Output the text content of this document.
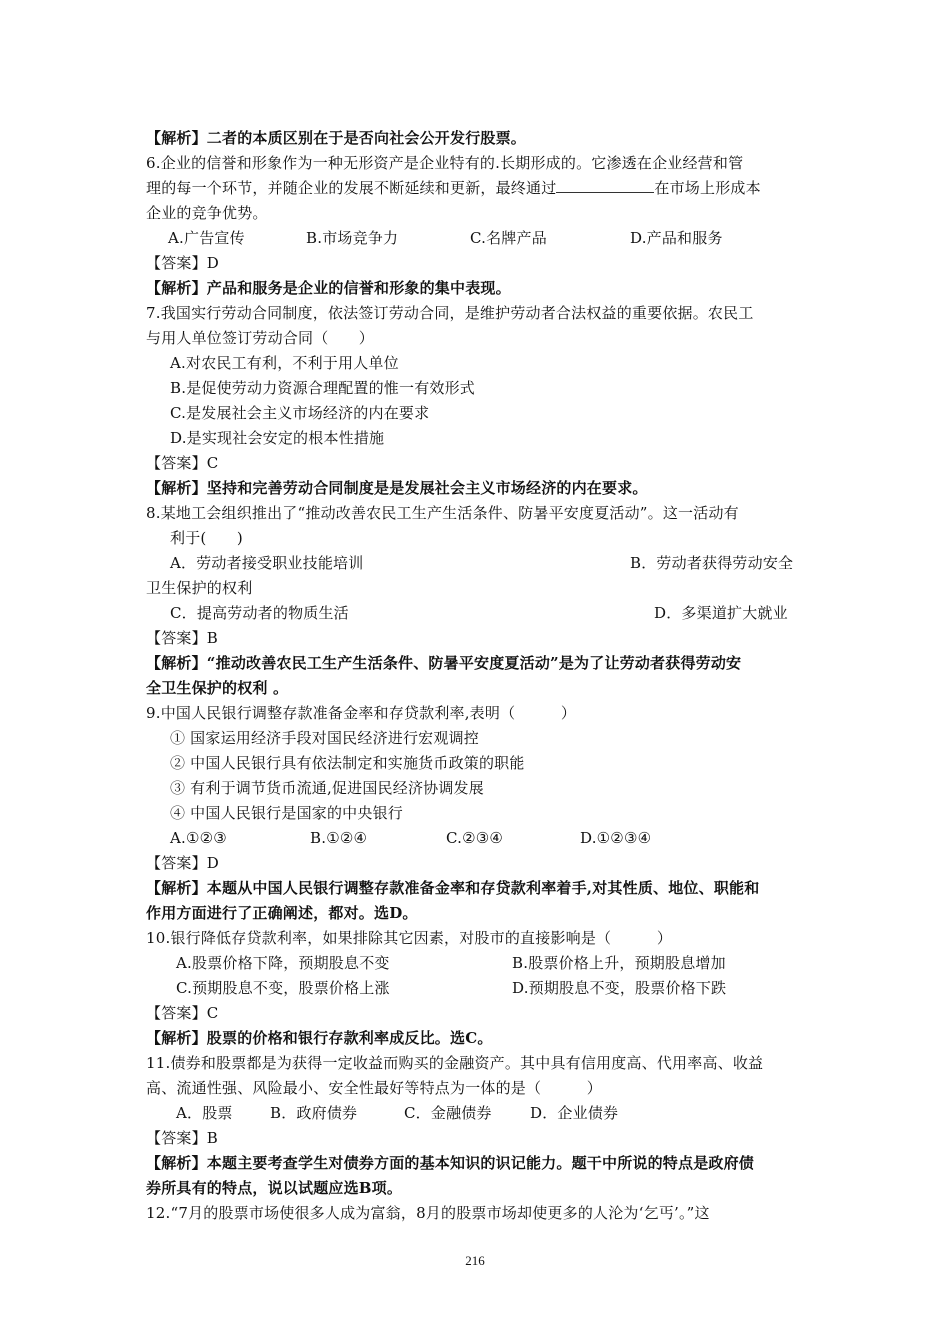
【解析】二者的本质区别在于是否向社会公开发行股票。
6.企业的信誉和形象作为一种无形资产是企业特有的.长期形成的。它渗透在企业经营和管
理的每一个环节，并随企业的发展不断延续和更新，最终通过	在市场上形成本
企业的竞争优势。
A.广告宣传	B.市场竞争力	C.名牌产品	D.产品和服务
【答案】D
【解析】产品和服务是企业的信誉和形象的集中表现。
7.我国实行劳动合同制度，依法签订劳动合同，是维护劳动者合法权益的重要依据。农民工
与用人单位签订劳动合同（　　）
A.对农民工有利，不利于用人单位
B.是促使劳动力资源合理配置的惟一有效形式
C.是发展社会主义市场经济的内在要求
D.是实现社会安定的根本性措施
【答案】C
【解析】坚持和完善劳动合同制度是是发展社会主义市场经济的内在要求。
8.某地工会组织推出了“推动改善农民工生产生活条件、防暑平安度夏活动”。这一活动有
利于(　　)
A．劳动者接受职业技能培训	B．劳动者获得劳动安全
卫生保护的权利
C．提高劳动者的物质生活	D．多渠道扩大就业
【答案】B
【解析】“推动改善农民工生产生活条件、防暑平安度夏活动”是为了让劳动者获得劳动安
全卫生保护的权利 。
9.中国人民银行调整存款准备金率和存贷款利率,表明（　　　）
① 国家运用经济手段对国民经济进行宏观调控
② 中国人民银行具有依法制定和实施货币政策的职能
③ 有利于调节货币流通,促进国民经济协调发展
④ 中国人民银行是国家的中央银行
A.①②③	B.①②④	C.②③④	D.①②③④
【答案】D
【解析】本题从中国人民银行调整存款准备金率和存贷款利率着手,对其性质、地位、职能和
作用方面进行了正确阐述，都对。选D。
10.银行降低存贷款利率，如果排除其它因素，对股市的直接影响是（　　　）
A.股票价格下降，预期股息不变	B.股票价格上升，预期股息增加
C.预期股息不变，股票价格上涨	D.预期股息不变，股票价格下跌
【答案】C
【解析】股票的价格和银行存款利率成反比。选C。
11.债券和股票都是为获得一定收益而购买的金融资产。其中具有信用度高、代用率高、收益
高、流通性强、风险最小、安全性最好等特点为一体的是（　　　）
A．股票 B．政府债券	C．金融债券	D．企业债券
【答案】B
【解析】本题主要考查学生对债券方面的基本知识的识记能力。题干中所说的特点是政府债
券所具有的特点，说以试题应选B项。
12.“7月的股票市场使很多人成为富翁，8月的股票市场却使更多的人沦为‘乞丐’。”这
216
